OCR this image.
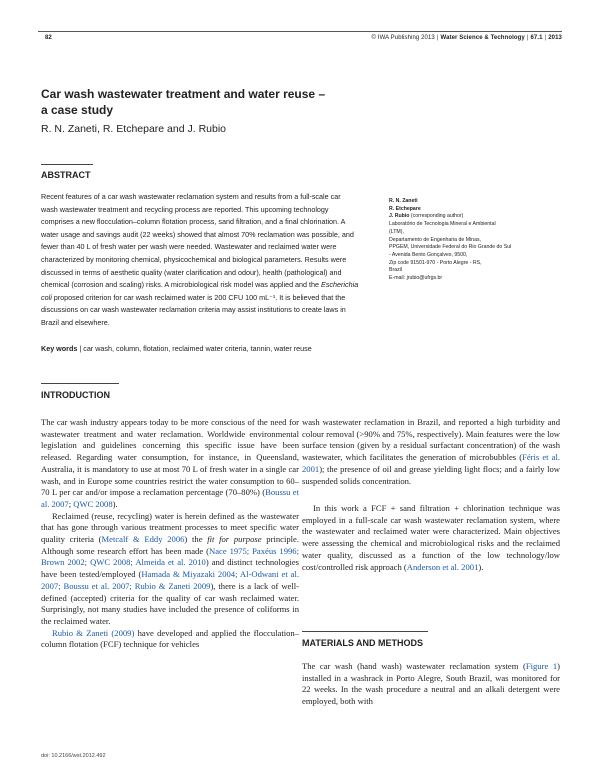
82	© IWA Publishing 2013 | Water Science & Technology | 67.1 | 2013
Car wash wastewater treatment and water reuse –
a case study
R. N. Zaneti, R. Etchepare and J. Rubio
ABSTRACT
Recent features of a car wash wastewater reclamation system and results from a full-scale car wash wastewater treatment and recycling process are reported. This upcoming technology comprises a new flocculation–column flotation process, sand filtration, and a final chlorination. A water usage and savings audit (22 weeks) showed that almost 70% reclamation was possible, and fewer than 40 L of fresh water per wash were needed. Wastewater and reclaimed water were characterized by monitoring chemical, physicochemical and biological parameters. Results were discussed in terms of aesthetic quality (water clarification and odour), health (pathological) and chemical (corrosion and scaling) risks. A microbiological risk model was applied and the Escherichia coli proposed criterion for car wash reclaimed water is 200 CFU 100 mL⁻¹. It is believed that the discussions on car wash wastewater reclamation criteria may assist institutions to create laws in Brazil and elsewhere.
Key words | car wash, column, flotation, reclaimed water criteria, tannin, water reuse
R. N. Zaneti
R. Etchepare
J. Rubio (corresponding author)
Laboratório de Tecnologia Mineral e Ambiental
(LTM),
Departamento de Engenharia de Minas,
PPGEM, Universidade Federal do Rio Grande do Sul
- Avenida Bento Gonçalves, 9500,
Zip code 91501-970 - Porto Alegre - RS,
Brazil
E-mail: jrubio@ufrgs.br
INTRODUCTION

The car wash industry appears today to be more conscious of the need for wastewater treatment and water reclamation. Worldwide environmental legislation and guidelines concerning this specific issue have been released. Regarding water consumption, for instance, in Queensland, Australia, it is mandatory to use at most 70 L of fresh water in a single car wash, and in Europe some countries restrict the water consumption to 60–70 L per car and/or impose a reclamation percentage (70–80%) (Boussu et al. 2007; QWC 2008).

Reclaimed (reuse, recycling) water is herein defined as the wastewater that has gone through various treatment processes to meet specific water quality criteria (Metcalf & Eddy 2006) the fit for purpose principle. Although some research effort has been made (Nace 1975; Paxéus 1996; Brown 2002; QWC 2008; Almeida et al. 2010) and distinct technologies have been tested/employed (Hamada & Miyazaki 2004; Al-Odwani et al. 2007; Boussu et al. 2007; Rubio & Zaneti 2009), there is a lack of well-defined (accepted) criteria for the quality of car wash reclaimed water. Surprisingly, not many studies have included the presence of coliforms in the reclaimed water.

Rubio & Zaneti (2009) have developed and applied the flocculation–column flotation (FCF) technique for vehicles

wash wastewater reclamation in Brazil, and reported a high turbidity and colour removal (>90% and 75%, respectively). Main features were the low surface tension (given by a residual surfactant concentration) of the wash wastewater, which facilitates the generation of microbubbles (Féris et al. 2001); the presence of oil and grease yielding light flocs; and a fairly low suspended solids concentration.

In this work a FCF + sand filtration + chlorination technique was employed in a full-scale car wash wastewater reclamation system, where the wastewater and reclaimed water were characterized. Main objectives were assessing the chemical and microbiological risks and the reclaimed water quality, discussed as a function of the low technology/low cost/controlled risk approach (Anderson et al. 2001).

MATERIALS AND METHODS

The car wash (hand wash) wastewater reclamation system (Figure 1) installed in a washrack in Porto Alegre, South Brazil, was monitored for 22 weeks. In the wash procedure a neutral and an alkali detergent were employed, both with

doi: 10.2166/wst.2012.492
